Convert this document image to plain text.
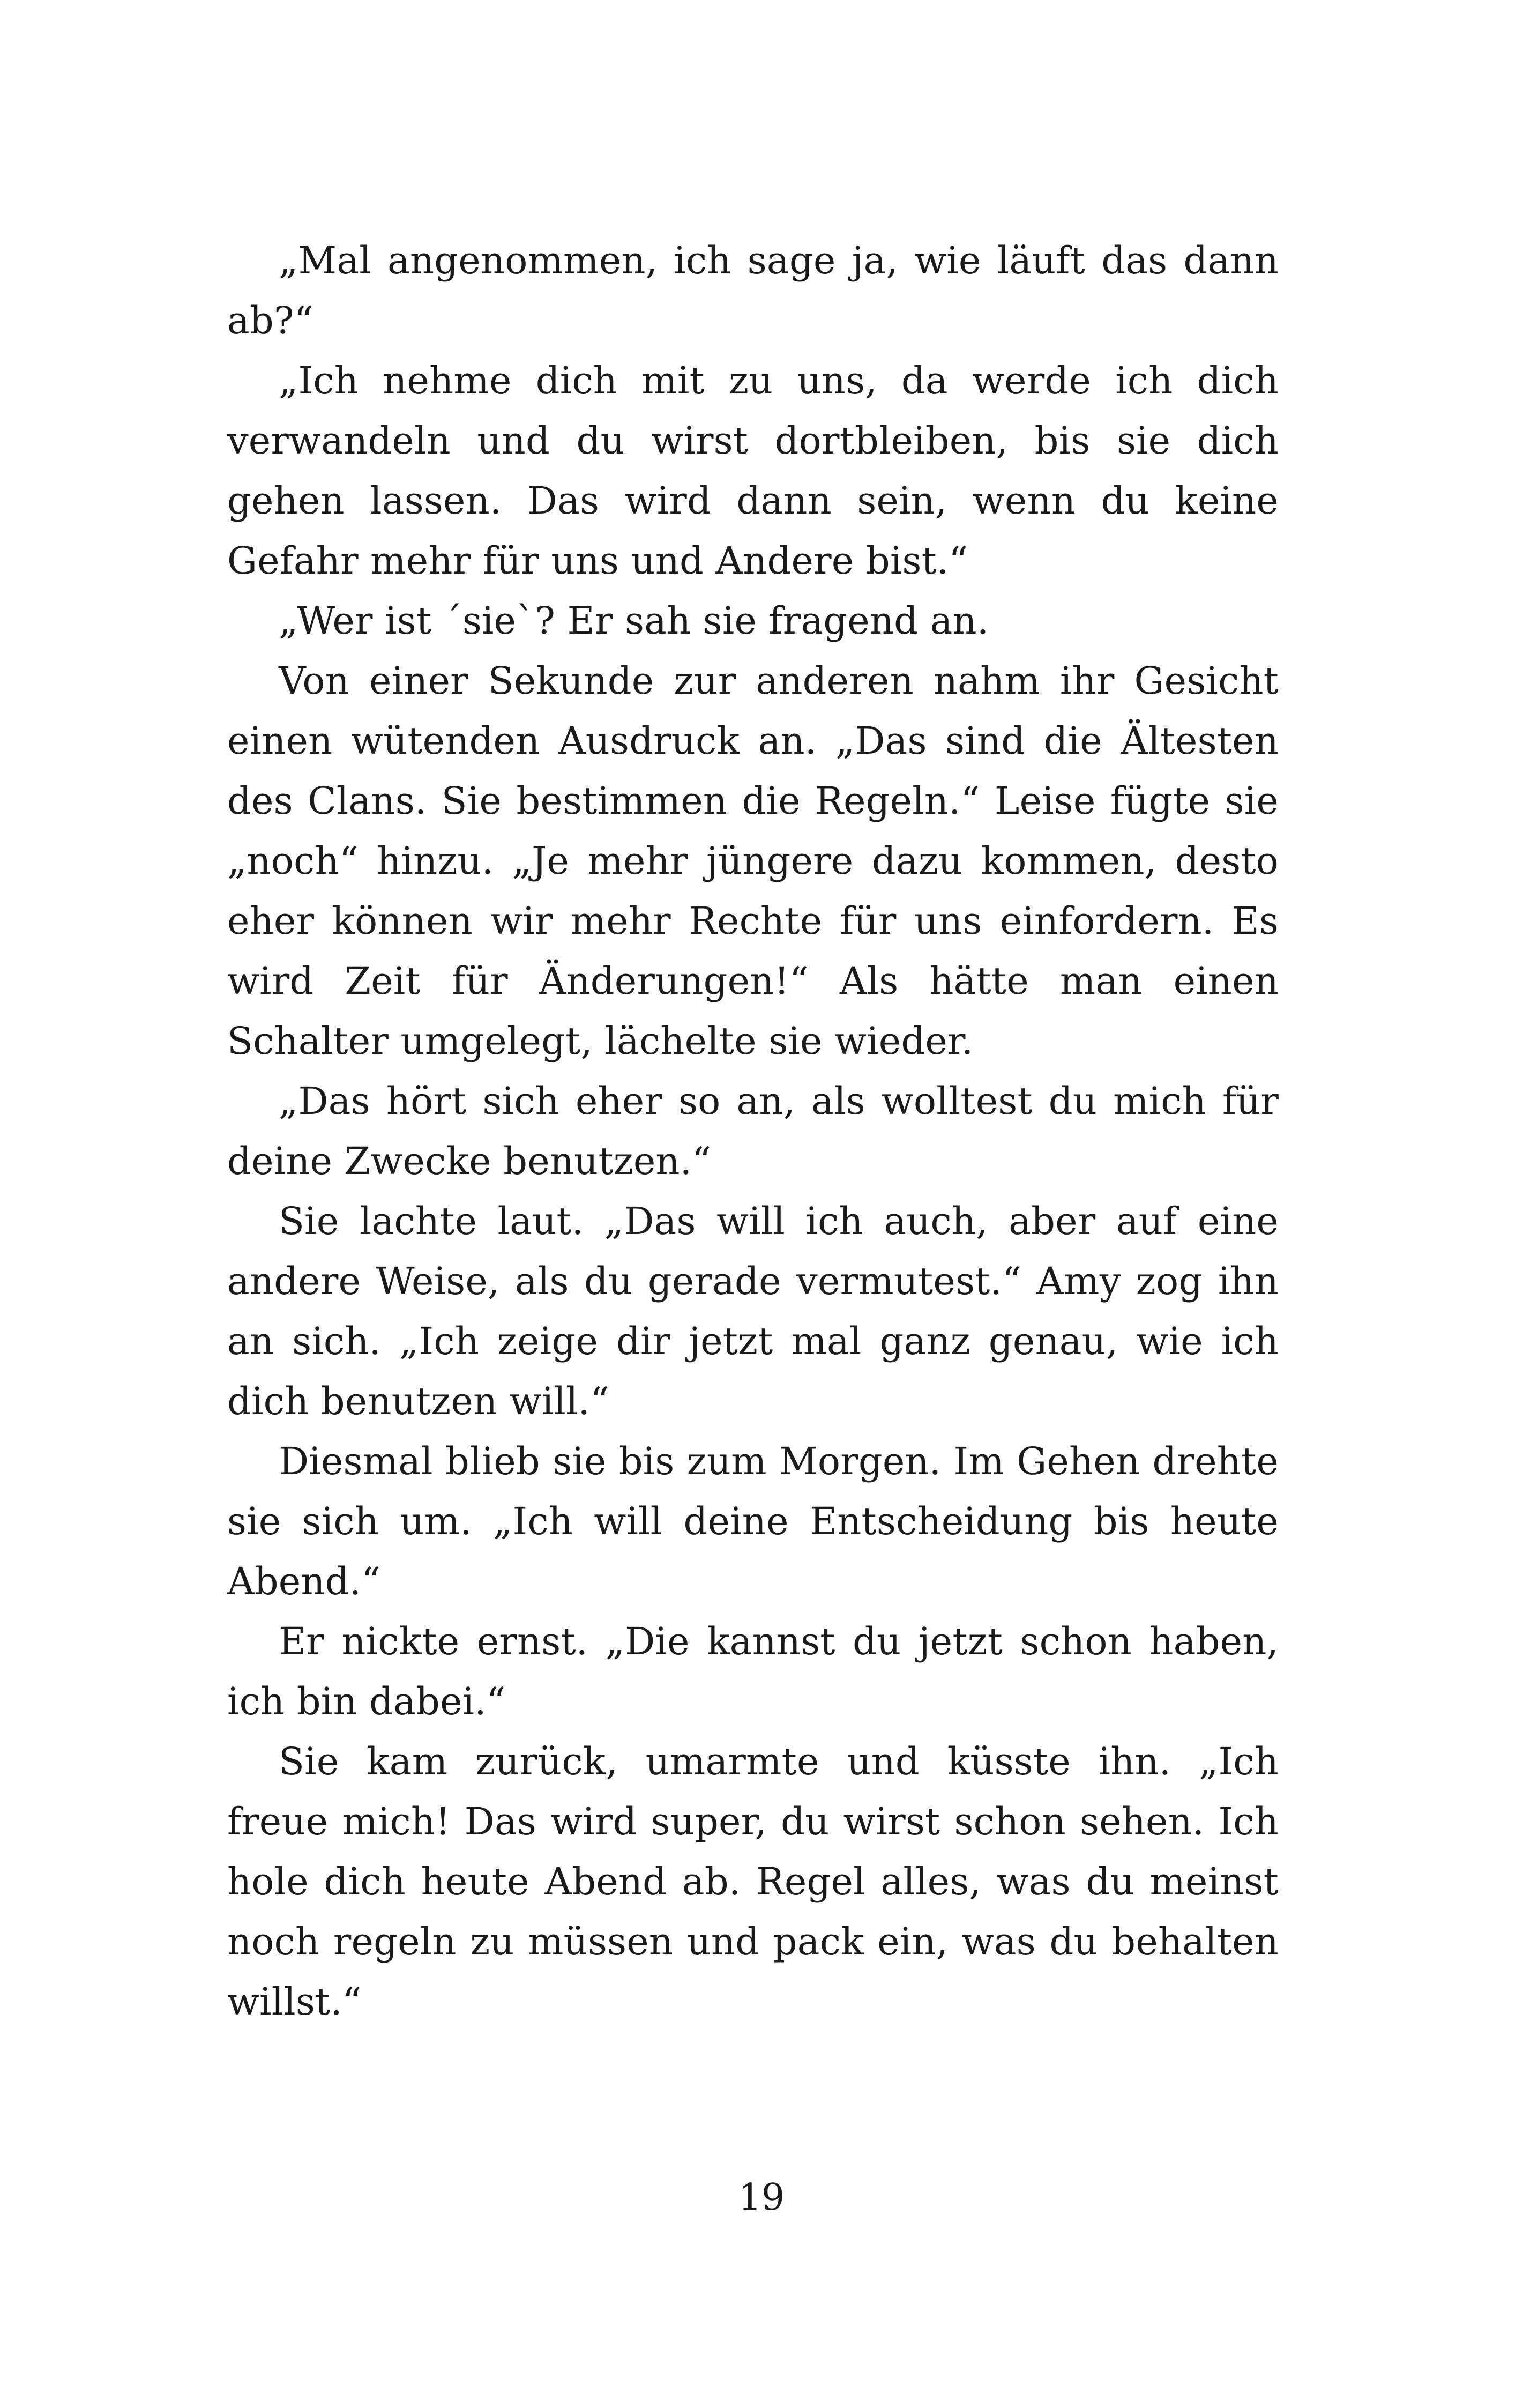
„Mal angenommen, ich sage ja, wie läuft das dann ab?“

„Ich nehme dich mit zu uns, da werde ich dich verwandeln und du wirst dortbleiben, bis sie dich gehen lassen. Das wird dann sein, wenn du keine Gefahr mehr für uns und Andere bist.“

„Wer ist ´sie`? Er sah sie fragend an.

Von einer Sekunde zur anderen nahm ihr Gesicht einen wütenden Ausdruck an. „Das sind die Ältesten des Clans. Sie bestimmen die Regeln.“ Leise fügte sie „noch“ hinzu. „Je mehr jüngere dazu kommen, desto eher können wir mehr Rechte für uns einfordern. Es wird Zeit für Änderungen!“ Als hätte man einen Schalter umgelegt, lächelte sie wieder.

„Das hört sich eher so an, als wolltest du mich für deine Zwecke benutzen.“

Sie lachte laut. „Das will ich auch, aber auf eine andere Weise, als du gerade vermutest.“ Amy zog ihn an sich. „Ich zeige dir jetzt mal ganz genau, wie ich dich benutzen will.“

Diesmal blieb sie bis zum Morgen. Im Gehen drehte sie sich um. „Ich will deine Entscheidung bis heute Abend.“

Er nickte ernst. „Die kannst du jetzt schon haben, ich bin dabei.“

Sie kam zurück, umarmte und küsste ihn. „Ich freue mich! Das wird super, du wirst schon sehen. Ich hole dich heute Abend ab. Regel alles, was du meinst noch regeln zu müssen und pack ein, was du behalten willst.“

19
